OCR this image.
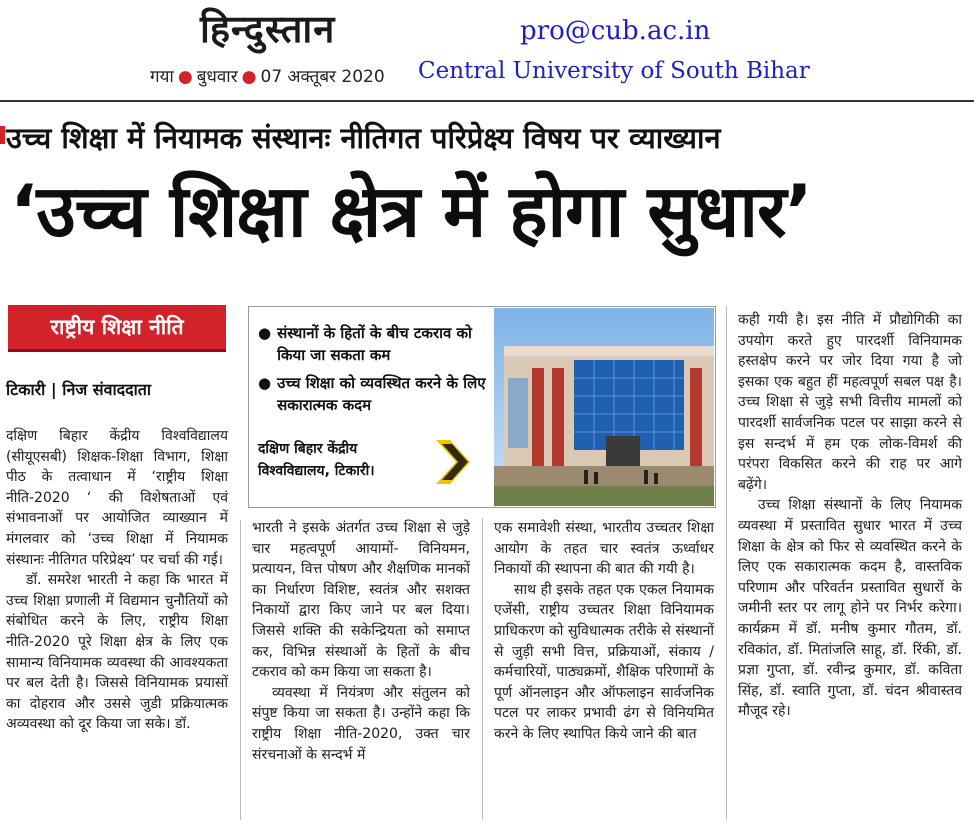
हिन्दुस्तान
गया ● बुधवार ● 07 अक्तूबर 2020
pro@cub.ac.in
Central University of South Bihar
उच्च शिक्षा में नियामक संस्थानः नीतिगत परिप्रेक्ष्य विषय पर व्याख्यान
‘उच्च शिक्षा क्षेत्र में होगा सुधार’
राष्ट्रीय शिक्षा नीति
टिकारी | निज संवाददाता
● संस्थानों के हितों के बीच टकराव को किया जा सकता कम
● उच्च शिक्षा को व्यवस्थित करने के लिए सकारात्मक कदम
दक्षिण बिहार केंद्रीय विश्वविद्यालय, टिकारी।

दक्षिण बिहार केंद्रीय विश्वविद्यालय (सीयूएसबी) शिक्षक-शिक्षा विभाग, शिक्षा पीठ के तत्वाधान में ‘राष्ट्रीय शिक्षा नीति-2020 ‘ की विशेषताओं एवं संभावनाओं पर आयोजित व्याख्यान में मंगलवार को ‘उच्च शिक्षा में नियामक संस्थानः नीतिगत परिप्रेक्ष्य’ पर चर्चा की गई।

डॉ. समरेश भारती ने कहा कि भारत में उच्च शिक्षा प्रणाली में विद्यमान चुनौतियों को संबोधित करने के लिए, राष्ट्रीय शिक्षा नीति-2020 पूरे शिक्षा क्षेत्र के लिए एक सामान्य विनियामक व्यवस्था की आवश्यकता पर बल देती है। जिससे विनियामक प्रयासों का दोहराव और उससे जुडी प्रक्रियात्मक अव्यवस्था को दूर किया जा सके। डॉ.

भारती ने इसके अंतर्गत उच्च शिक्षा से जुड़े चार महत्वपूर्ण आयामों- विनियमन, प्रत्यायन, वित्त पोषण और शैक्षणिक मानकों का निर्धारण विशिष्ट, स्वतंत्र और सशक्त निकायों द्वारा किए जाने पर बल दिया। जिससे शक्ति की सकेन्द्रियता को समाप्त कर, विभिन्न संस्थाओं के हितों के बीच टकराव को कम किया जा सकता है।

व्यवस्था में नियंत्रण और संतुलन को संपुष्ट किया जा सकता है। उन्होंने कहा कि राष्ट्रीय शिक्षा नीति-2020, उक्त चार संरचनाओं के सन्दर्भ में

एक समावेशी संस्था, भारतीय उच्चतर शिक्षा आयोग के तहत चार स्वतंत्र ऊर्ध्वाधर निकायों की स्थापना की बात की गयी है।

साथ ही इसके तहत एक एकल नियामक एजेंसी, राष्ट्रीय उच्चतर शिक्षा विनियामक प्राधिकरण को सुविधात्मक तरीके से संस्थानों से जुड़ी सभी वित्त, प्रक्रियाओं, संकाय / कर्मचारियों, पाठ्यक्रमों, शैक्षिक परिणामों के पूर्ण ऑनलाइन और ऑफलाइन सार्वजनिक पटल पर लाकर प्रभावी ढंग से विनियमित करने के लिए स्थापित किये जाने की बात

कही गयी है। इस नीति में प्रौद्योगिकी का उपयोग करते हुए पारदर्शी विनियामक हस्तक्षेप करने पर जोर दिया गया है जो इसका एक बहुत हीं महत्वपूर्ण सबल पक्ष है। उच्च शिक्षा से जुड़े सभी वित्तीय मामलों को पारदर्शी सार्वजनिक पटल पर साझा करने से इस सन्दर्भ में हम एक लोक-विमर्श की परंपरा विकसित करने की राह पर आगे बढ़ेंगे।

उच्च शिक्षा संस्थानों के लिए नियामक व्यवस्था में प्रस्तावित सुधार भारत में उच्च शिक्षा के क्षेत्र को फिर से व्यवस्थित करने के लिए एक सकारात्मक कदम है, वास्तविक परिणाम और परिवर्तन प्रस्तावित सुधारों के जमीनी स्तर पर लागू होने पर निर्भर करेगा। कार्यक्रम में डॉ. मनीष कुमार गौतम, डॉ. रविकांत, डॉ. मितांजलि साहू, डॉ. रिंकी, डॉ. प्रज्ञा गुप्ता, डॉ. रवीन्द्र कुमार, डॉ. कविता सिंह, डॉ. स्वाति गुप्ता, डॉ. चंदन श्रीवास्तव मौजूद रहे।
